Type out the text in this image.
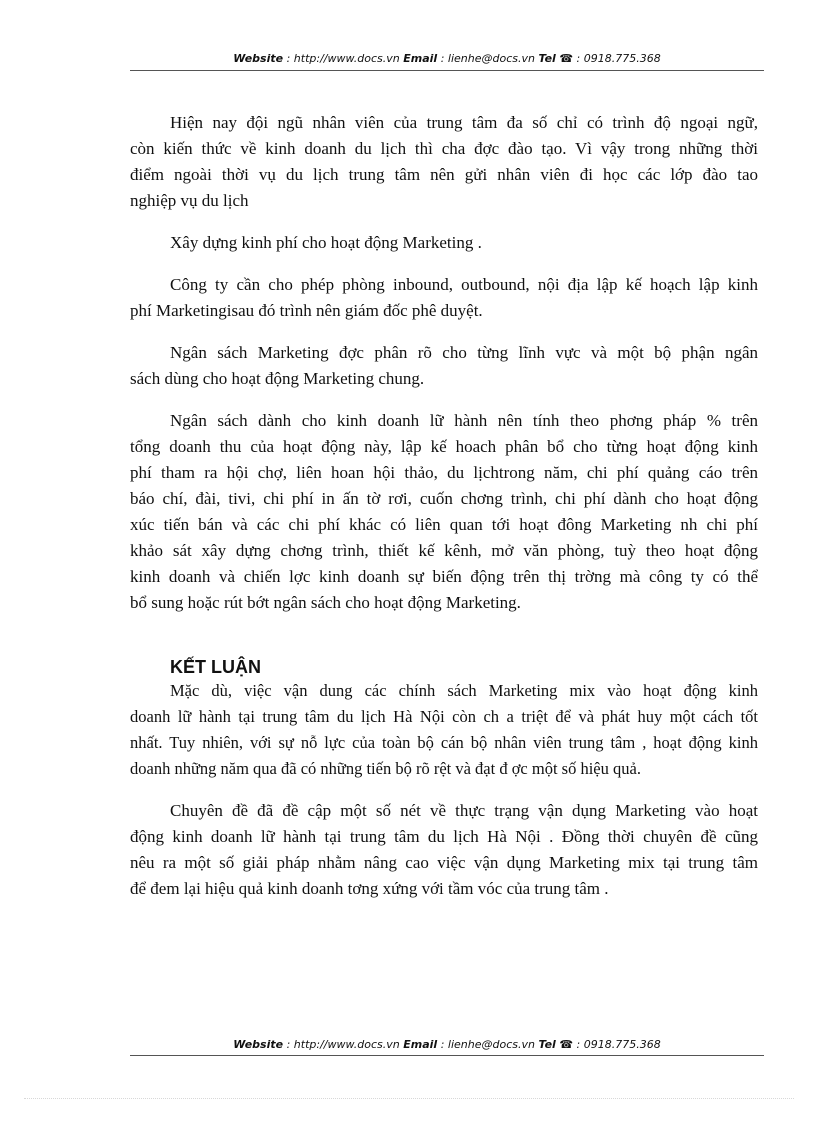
Website : http://www.docs.vn Email : lienhe@docs.vn Tel ☎ : 0918.775.368
Hiện nay đội ngũ nhân viên của trung tâm đa số chỉ có trình độ ngoại ngữ,
còn kiến thức về kinh doanh du lịch thì cha đợc đào tạo. Vì vậy trong những thời
điểm ngoài thời vụ du lịch trung tâm nên gửi nhân viên đi học các lớp đào tao
nghiệp vụ du lịch
Xây dựng kinh phí cho hoạt động Marketing .
Công ty cần cho phép phòng inbound, outbound, nội địa lập kế hoạch lập kinh
phí Marketingisau đó trình nên giám đốc phê duyệt.
Ngân sách Marketing đợc phân rõ cho từng lĩnh vực và một bộ phận ngân
sách dùng cho hoạt động Marketing chung.
Ngân sách dành cho kinh doanh lữ hành nên tính theo phơng pháp % trên
tổng doanh thu của hoạt động này, lập kế hoach phân bổ cho từng hoạt động kinh
phí tham ra hội chợ, liên hoan hội thảo, du lịchtrong năm, chi phí quảng cáo trên
báo chí, đài, tivi, chi phí in ấn tờ rơi, cuốn chơng trình, chi phí dành cho hoạt động
xúc tiến bán và các chi phí khác có liên quan tới hoạt đông Marketing nh chi phí
khảo sát xây dựng chơng trình, thiết kế kênh, mở văn phòng, tuỳ theo hoạt động
kinh doanh và chiến lợc kinh doanh sự biến động trên thị trờng mà công ty có thể
bổ sung hoặc rút bớt ngân sách cho hoạt động Marketing.
KẾT LUẬN
Mặc dù, việc vận dung các chính sách Marketing mix vào hoạt động kinh
doanh lữ hành tại trung tâm du lịch Hà Nội còn ch a triệt để và phát huy một cách tốt
nhất. Tuy nhiên, với sự nỗ lực của toàn bộ cán bộ nhân viên trung tâm , hoạt động kinh
doanh những năm qua đã có những tiến bộ rõ rệt và đạt đ ợc một số hiệu quả.
Chuyên đề đã đề cập một số nét về thực trạng vận dụng Marketing vào hoạt
động kinh doanh lữ hành tại trung tâm du lịch Hà Nội . Đồng thời chuyên đề cũng
nêu ra một số giải pháp nhằm nâng cao việc vận dụng Marketing mix tại trung tâm
để đem lại hiệu quả kinh doanh tơng xứng với tầm vóc của trung tâm .
Website : http://www.docs.vn Email : lienhe@docs.vn Tel ☎ : 0918.775.368
